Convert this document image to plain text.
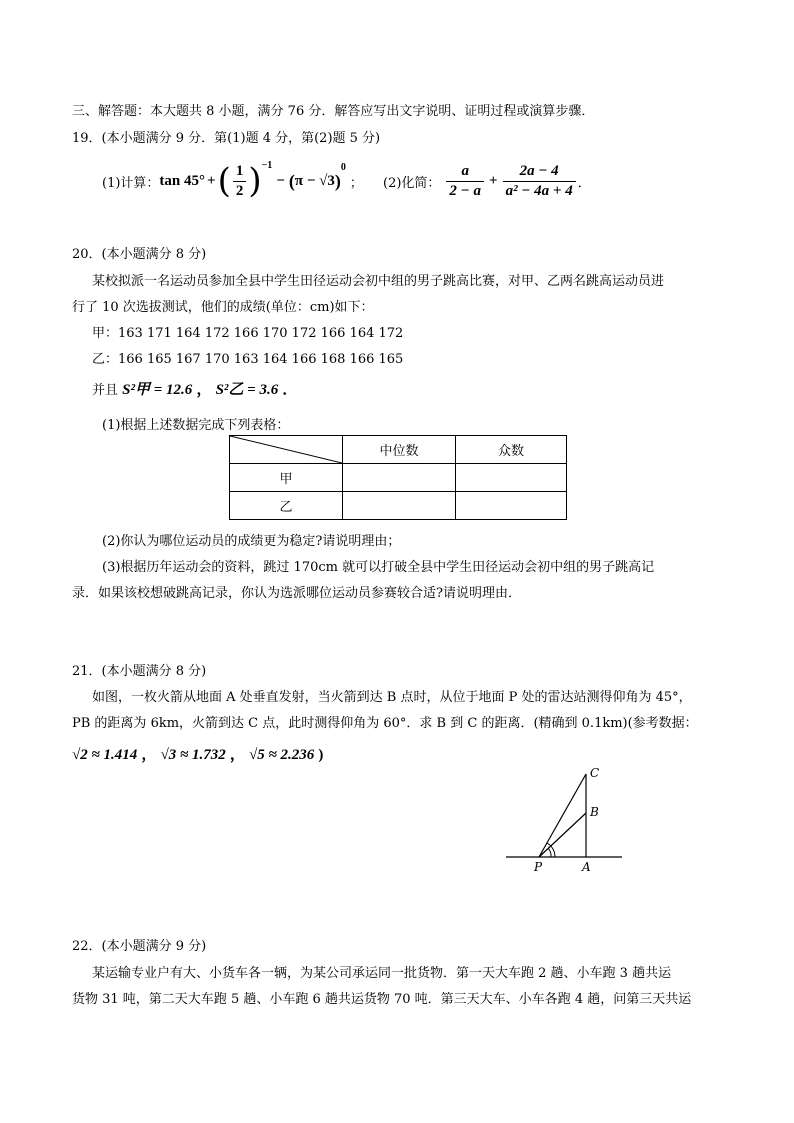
三、解答题：本大题共 8 小题，满分 76 分．解答应写出文字说明、证明过程或演算步骤．
19．(本小题满分 9 分．第(1)题 4 分，第(2)题 5 分)
(1)计算： tan 45° + ( $\frac{1}{2}$ ) −1
− ( π − √3 )
0
； (2)化简： $\frac{a}{2 - a} + \frac{2a - 4}{\text{a² − 4a + 4}}$ ．
20．(本小题满分 8 分)
某校拟派一名运动员参加全县中学生田径运动会初中组的男子跳高比赛，对甲、乙两名跳高运动员进
行了 10 次选拔测试，他们的成绩(单位：cm)如下：
甲：163 171 164 172 166 170 172 166 164 172
乙：166 165 167 170 163 164 166 168 166 165
并且 S²甲 = 12.6 ， S²乙 = 3.6 ．
(1)根据上述数据完成下列表格：
	中位数	众数
甲		
乙		
(2)你认为哪位运动员的成绩更为稳定?请说明理由；
(3)根据历年运动会的资料，跳过 170cm 就可以打破全县中学生田径运动会初中组的男子跳高记
录．如果该校想破跳高记录，你认为选派哪位运动员参赛较合适?请说明理由．
21．(本小题满分 8 分)
如图，一枚火箭从地面 A 处垂直发射，当火箭到达 B 点时，从位于地面 P 处的雷达站测得仰角为 45°，
PB 的距离为 6km，火箭到达 C 点，此时测得仰角为 60°．求 B 到 C 的距离．(精确到 0.1km)(参考数据：
√2 ≈ 1.414 ， √3 ≈ 1.732 ， √5 ≈ 2.236 )
C
B
P	A
22．(本小题满分 9 分)
某运输专业户有大、小货车各一辆，为某公司承运同一批货物．第一天大车跑 2 趟、小车跑 3 趟共运
货物 31 吨，第二天大车跑 5 趟、小车跑 6 趟共运货物 70 吨．第三天大车、小车各跑 4 趟，问第三天共运
